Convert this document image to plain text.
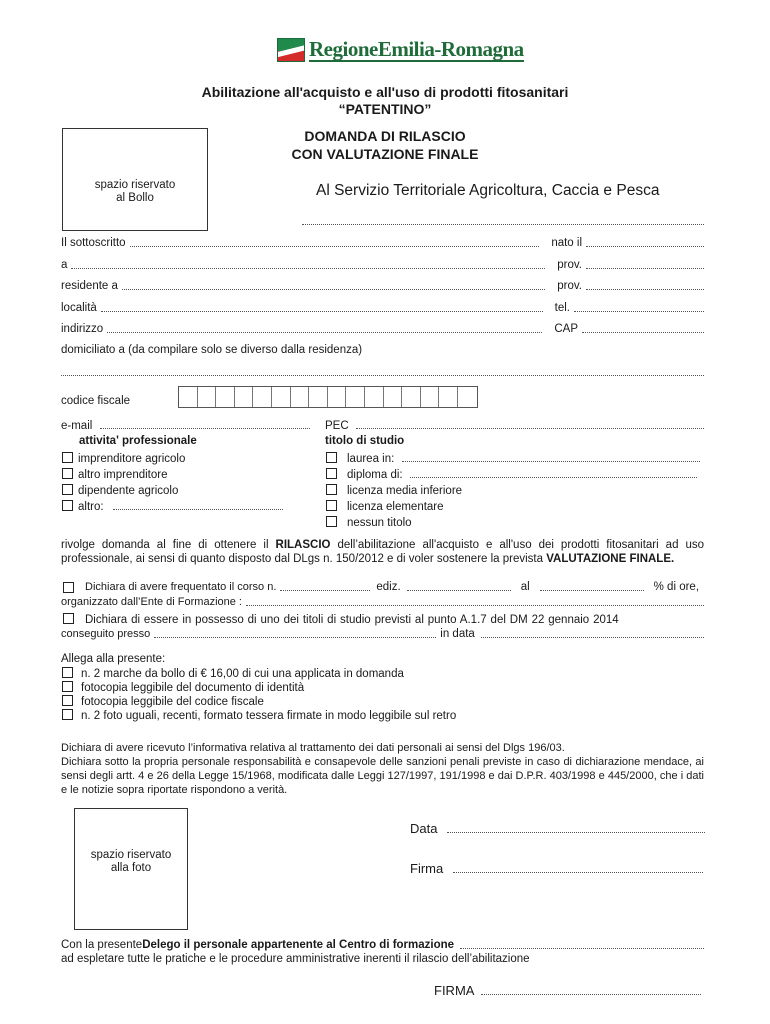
RegioneEmilia-Romagna
Abilitazione all'acquisto e all'uso di prodotti fitosanitari
“PATENTINO”
DOMANDA DI RILASCIO
CON VALUTAZIONE FINALE
spazio riservato
al Bollo	Al Servizio Territoriale Agricoltura, Caccia e Pesca
Il sottoscritto	nato il
a	prov.
residente a	prov.
località	tel.
indirizzo	CAP
domiciliato a (da compilare solo se diverso dalla residenza)
codice fiscale
e-mail	PEC
attivita' professionale
imprenditore agricolo
altro imprenditore
dipendente agricolo
altro:
titolo di studio
laurea in:
diploma di:
licenza media inferiore
licenza elementare
nessun titolo
rivolge domanda al fine di ottenere il RILASCIO dell’abilitazione all'acquisto e all'uso dei prodotti fitosanitari ad uso professionale, ai sensi di quanto disposto dal DLgs n. 150/2012 e di voler sostenere la prevista VALUTAZIONE FINALE.
Dichiara di avere frequentato il corso n.	ediz.	al	% di ore,
organizzato dall’Ente di Formazione :
Dichiara di essere in possesso di uno dei titoli di studio previsti al punto A.1.7 del DM 22 gennaio 2014
conseguito presso	in data
Allega alla presente:
n. 2 marche da bollo di € 16,00 di cui una applicata in domanda
fotocopia leggibile del documento di identità
fotocopia leggibile del codice fiscale
n. 2 foto uguali, recenti, formato tessera firmate in modo leggibile sul retro
Dichiara di avere ricevuto l’informativa relativa al trattamento dei dati personali ai sensi del Dlgs 196/03.
Dichiara sotto la propria personale responsabilità e consapevole delle sanzioni penali previste in caso di dichiarazione mendace, ai sensi degli artt. 4 e 26 della Legge 15/1968, modificata dalle Leggi 127/1997, 191/1998 e dai D.P.R. 403/1998 e 445/2000, che i dati e le notizie sopra riportate rispondono a verità.
spazio riservato
alla foto
Data
Firma
Con la presente Delego il personale appartenente al Centro di formazione
ad espletare tutte le pratiche e le procedure amministrative inerenti il rilascio dell’abilitazione
FIRMA
